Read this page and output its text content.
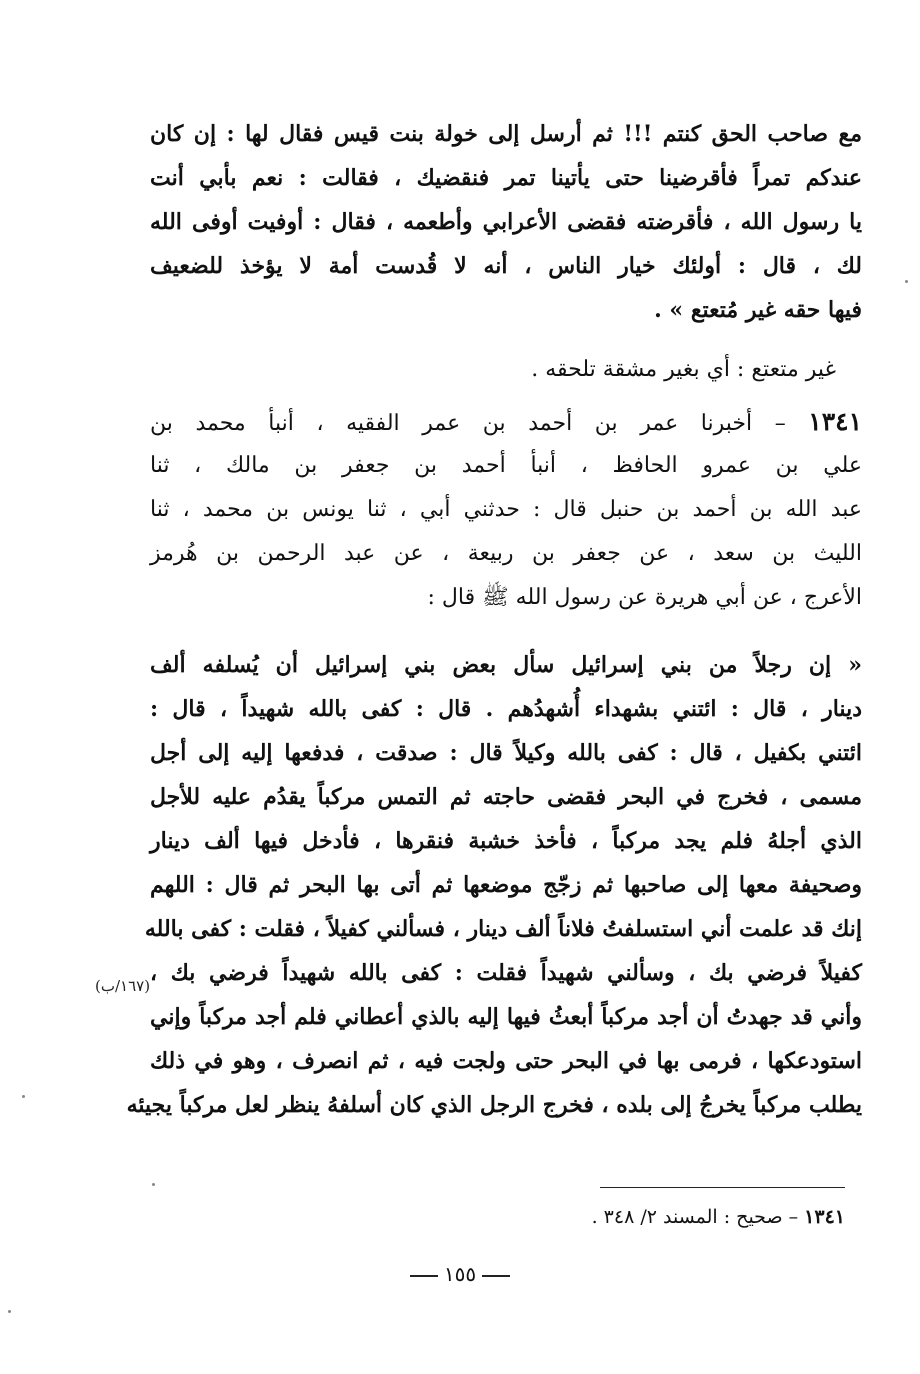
مع صاحب الحق كنتم !!! ثم أرسل إلى خولة بنت قيس فقال لها : إن كان
عندكم تمراً فأقرضينا حتى يأتينا تمر فنقضيك ، فقالت : نعم بأبي أنت
يا رسول الله ، فأقرضته فقضى الأعرابي وأطعمه ، فقال : أوفيت أوفى الله
لك ، قال : أولئك خيار الناس ، أنه لا قُدست أمة لا يؤخذ للضعيف
فيها حقه غير مُتعتع » .
غير متعتع : أي بغير مشقة تلحقه .
١٣٤١ – أخبرنا عمر بن أحمد بن عمر الفقيه ، أنبأ محمد بن
علي بن عمرو الحافظ ، أنبأ أحمد بن جعفر بن مالك ، ثنا
عبد الله بن أحمد بن حنبل قال : حدثني أبي ، ثنا يونس بن محمد ، ثنا
الليث بن سعد ، عن جعفر بن ربيعة ، عن عبد الرحمن بن هُرمز
الأعرج ، عن أبي هريرة عن رسول الله ﷺ قال :
« إن رجلاً من بني إسرائيل سأل بعض بني إسرائيل أن يُسلفه ألف
دينار ، قال : ائتني بشهداء أُشهدُهم . قال : كفى بالله شهيداً ، قال :
ائتني بكفيل ، قال : كفى بالله وكيلاً قال : صدقت ، فدفعها إليه إلى أجل
مسمى ، فخرج في البحر فقضى حاجته ثم التمس مركباً يقدُم عليه للأجل
الذي أجلهُ فلم يجد مركباً ، فأخذ خشبة فنقرها ، فأدخل فيها ألف دينار
وصحيفة معها إلى صاحبها ثم زجّج موضعها ثم أتى بها البحر ثم قال : اللهم
إنك قد علمت أني استسلفتُ فلاناً ألف دينار ، فسألني كفيلاً ، فقلت : كفى بالله
كفيلاً فرضي بك ، وسألني شهيداً فقلت : كفى بالله شهيداً فرضي بك ،
وأني قد جهدتُ أن أجد مركباً أبعثُ فيها إليه بالذي أعطاني فلم أجد مركباً وإني
استودعكها ، فرمى بها في البحر حتى ولجت فيه ، ثم انصرف ، وهو في ذلك
يطلب مركباً يخرجُ إلى بلده ، فخرج الرجل الذي كان أسلفهُ ينظر لعل مركباً يجيئه
(١٦٧/ب)
١٣٤١ – صحيح : المسند ٢/ ٣٤٨ .
١٥٥
